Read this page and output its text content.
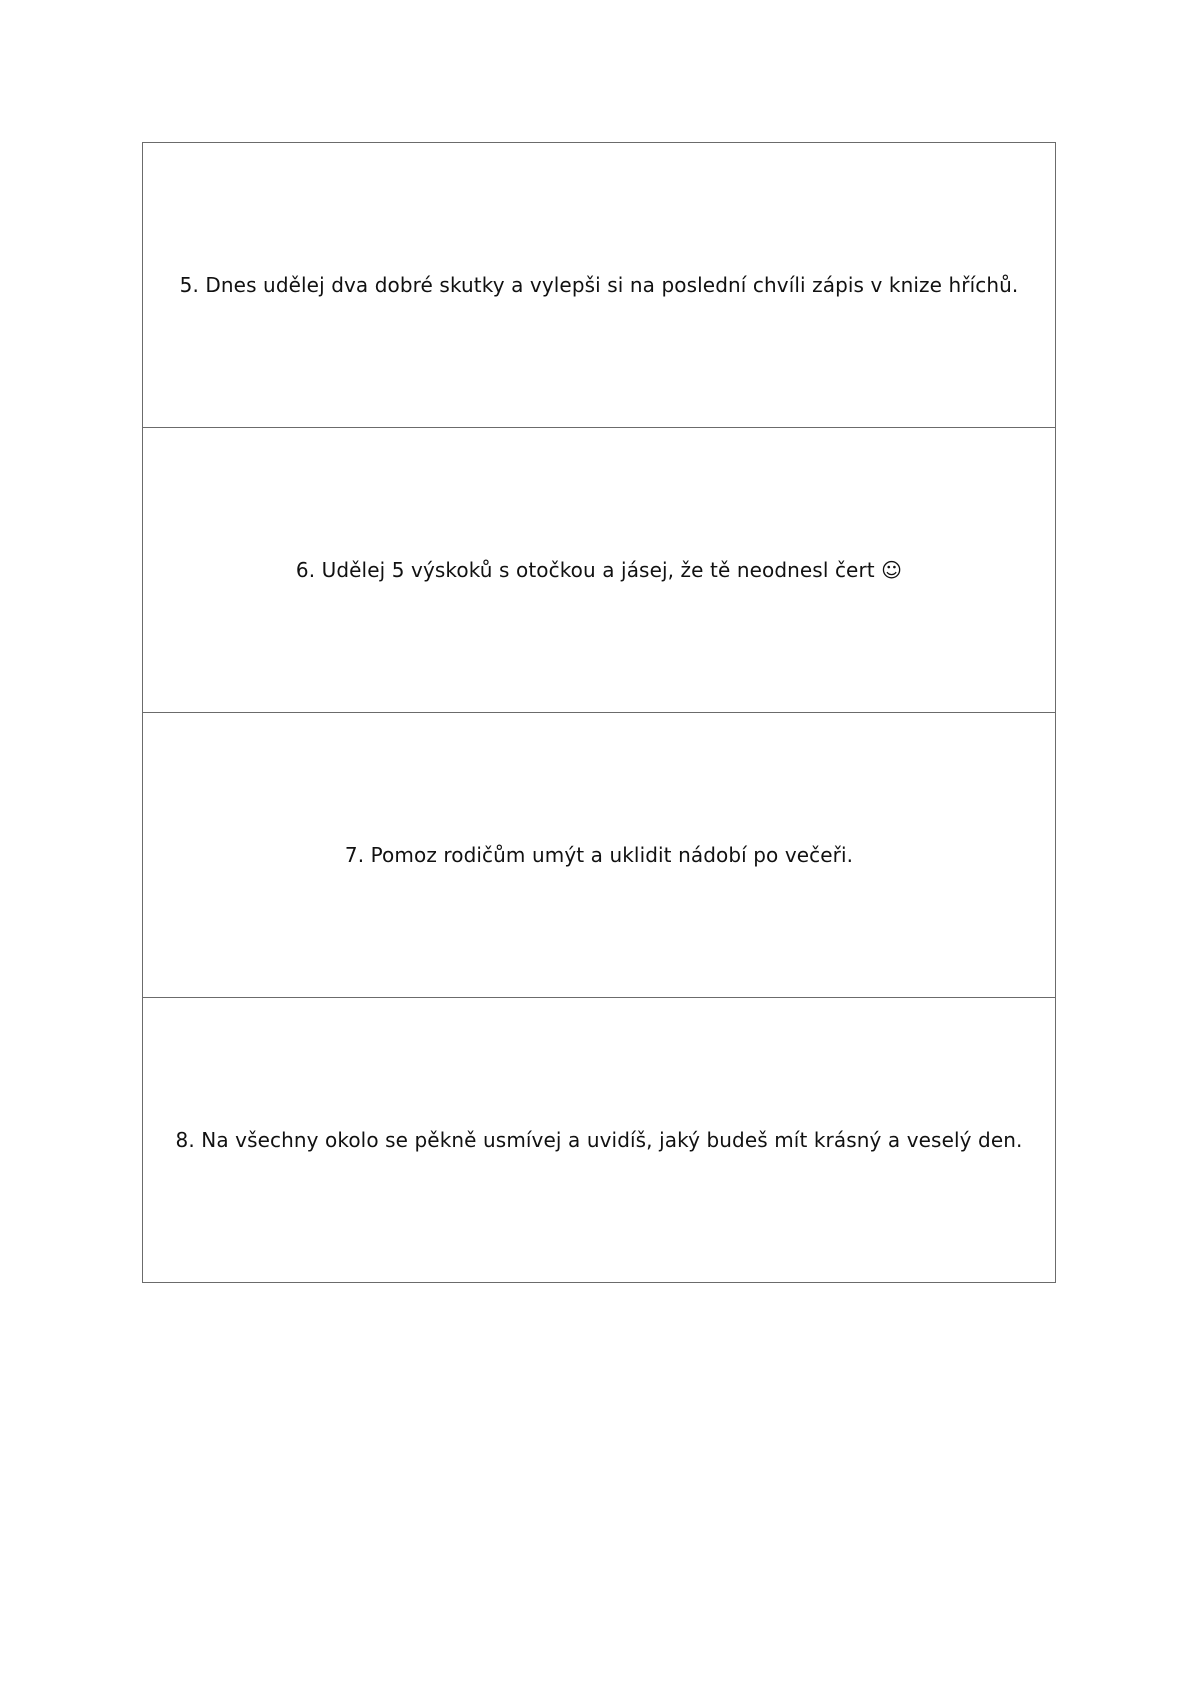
5. Dnes udělej dva dobré skutky a vylepši si na poslední chvíli zápis v knize hříchů.
6. Udělej 5 výskoků s otočkou a jásej, že tě neodnesl čert ☺
7. Pomoz rodičům umýt a uklidit nádobí po večeři.
8. Na všechny okolo se pěkně usmívej a uvidíš, jaký budeš mít krásný a veselý den.
